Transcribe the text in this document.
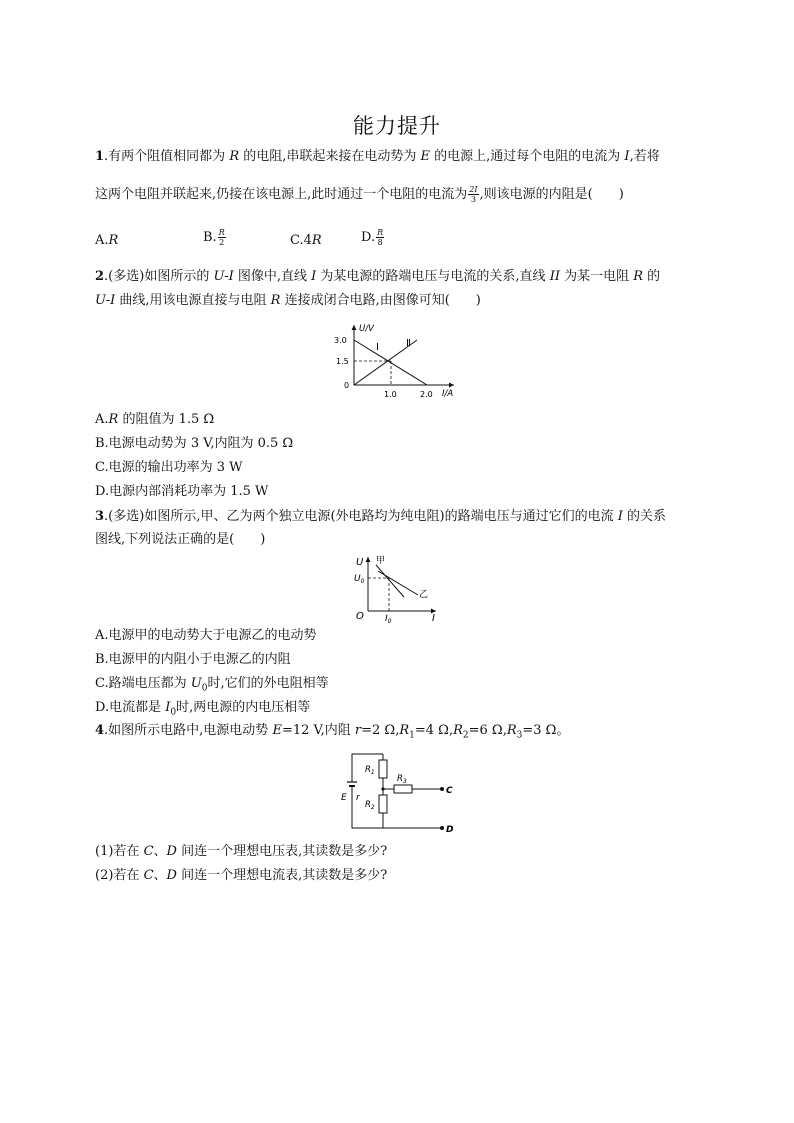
能力提升
1.有两个阻值相同都为 R 的电阻,串联起来接在电动势为 E 的电源上,通过每个电阻的电流为 I,若将
这两个电阻并联起来,仍接在该电源上,此时通过一个电阻的电流为 $\frac{2I}{3}$ ,则该电源的内阻是(　　)
A.R	B. $\frac{R}{2}$	C.4R	D. $\frac{R}{8}$
2.(多选)如图所示的 U-I 图像中,直线 I 为某电源的路端电压与电流的关系,直线 II 为某一电阻 R 的
U-I 曲线,用该电源直接与电阻 R 连接成闭合电路,由图像可知(　　)
U/V
I/A
3.0
1.5
0
1.0	2.0
I	Ⅱ
A.R 的阻值为 1.5 Ω
B.电源电动势为 3 V,内阻为 0.5 Ω
C.电源的输出功率为 3 W
D.电源内部消耗功率为 1.5 W
3.(多选)如图所示,甲、乙为两个独立电源(外电路均为纯电阻)的路端电压与通过它们的电流 I 的关系
图线,下列说法正确的是(　　)
U 甲
$U_0$
乙
O $I_0$	I
A.电源甲的电动势大于电源乙的电动势
B.电源甲的内阻小于电源乙的内阻
C.路端电压都为 $U_0$时,它们的外电阻相等
D.电流都是 $I_0$时,两电源的内电压相等
4.如图所示电路中,电源电动势 E=12 V,内阻 r=2 $\Omega,R_1=4$ $\Omega,R_2=6$ $\Omega,R_3=3$ Ω。
$R_1$
$R_2$
$R_3$
E r
C
D
(1)若在 C、D 间连一个理想电压表,其读数是多少?
(2)若在 C、D 间连一个理想电流表,其读数是多少?
